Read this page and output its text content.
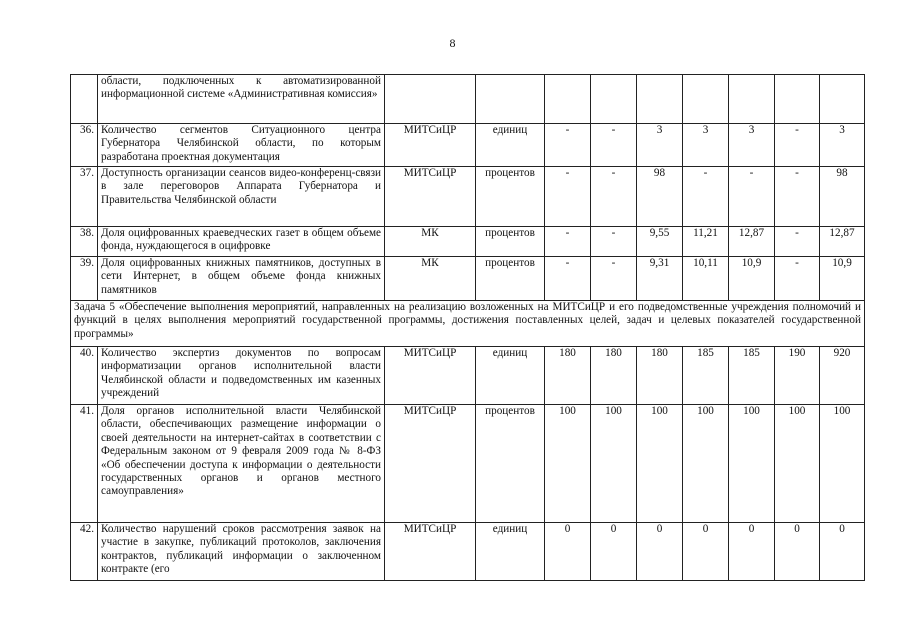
8
	области, подключенных к автоматизированной информационной системе «Административная комиссия»									
36.	Количество сегментов Ситуационного центра Губернатора Челябинской области, по которым разработана проектная документация	МИТСиЦР	единиц	-	-	3	3	3	-	3
37.	Доступность организации сеансов видео-конференц-связи в зале переговоров Аппарата Губернатора и Правительства Челябинской области	МИТСиЦР	процентов	-	-	98	-	-	-	98
38.	Доля оцифрованных краеведческих газет в общем объеме фонда, нуждающегося в оцифровке	МК	процентов	-	-	9,55	11,21	12,87	-	12,87
39.	Доля оцифрованных книжных памятников, доступных в сети Интернет, в общем объеме фонда книжных памятников	МК	процентов	-	-	9,31	10,11	10,9	-	10,9
Задача 5 «Обеспечение выполнения мероприятий, направленных на реализацию возложенных на МИТСиЦР и его подведомственные учреждения полномочий и функций в целях выполнения мероприятий государственной программы, достижения поставленных целей, задач и целевых показателей государственной программы»										
40.	Количество экспертиз документов по вопросам информатизации органов исполнительной власти Челябинской области и подведомственных им казенных учреждений	МИТСиЦР	единиц	180	180	180	185	185	190	920
41.	Доля органов исполнительной власти Челябинской области, обеспечивающих размещение информации о своей деятельности на интернет-сайтах в соответствии с Федеральным законом от 9 февраля 2009 года № 8-ФЗ «Об обеспечении доступа к информации о деятельности государственных органов и органов местного самоуправления»	МИТСиЦР	процентов	100	100	100	100	100	100	100
42.	Количество нарушений сроков рассмотрения заявок на участие в закупке, публикаций протоколов, заключения контрактов, публикаций информации о заключенном контракте (его	МИТСиЦР	единиц	0	0	0	0	0	0	0
